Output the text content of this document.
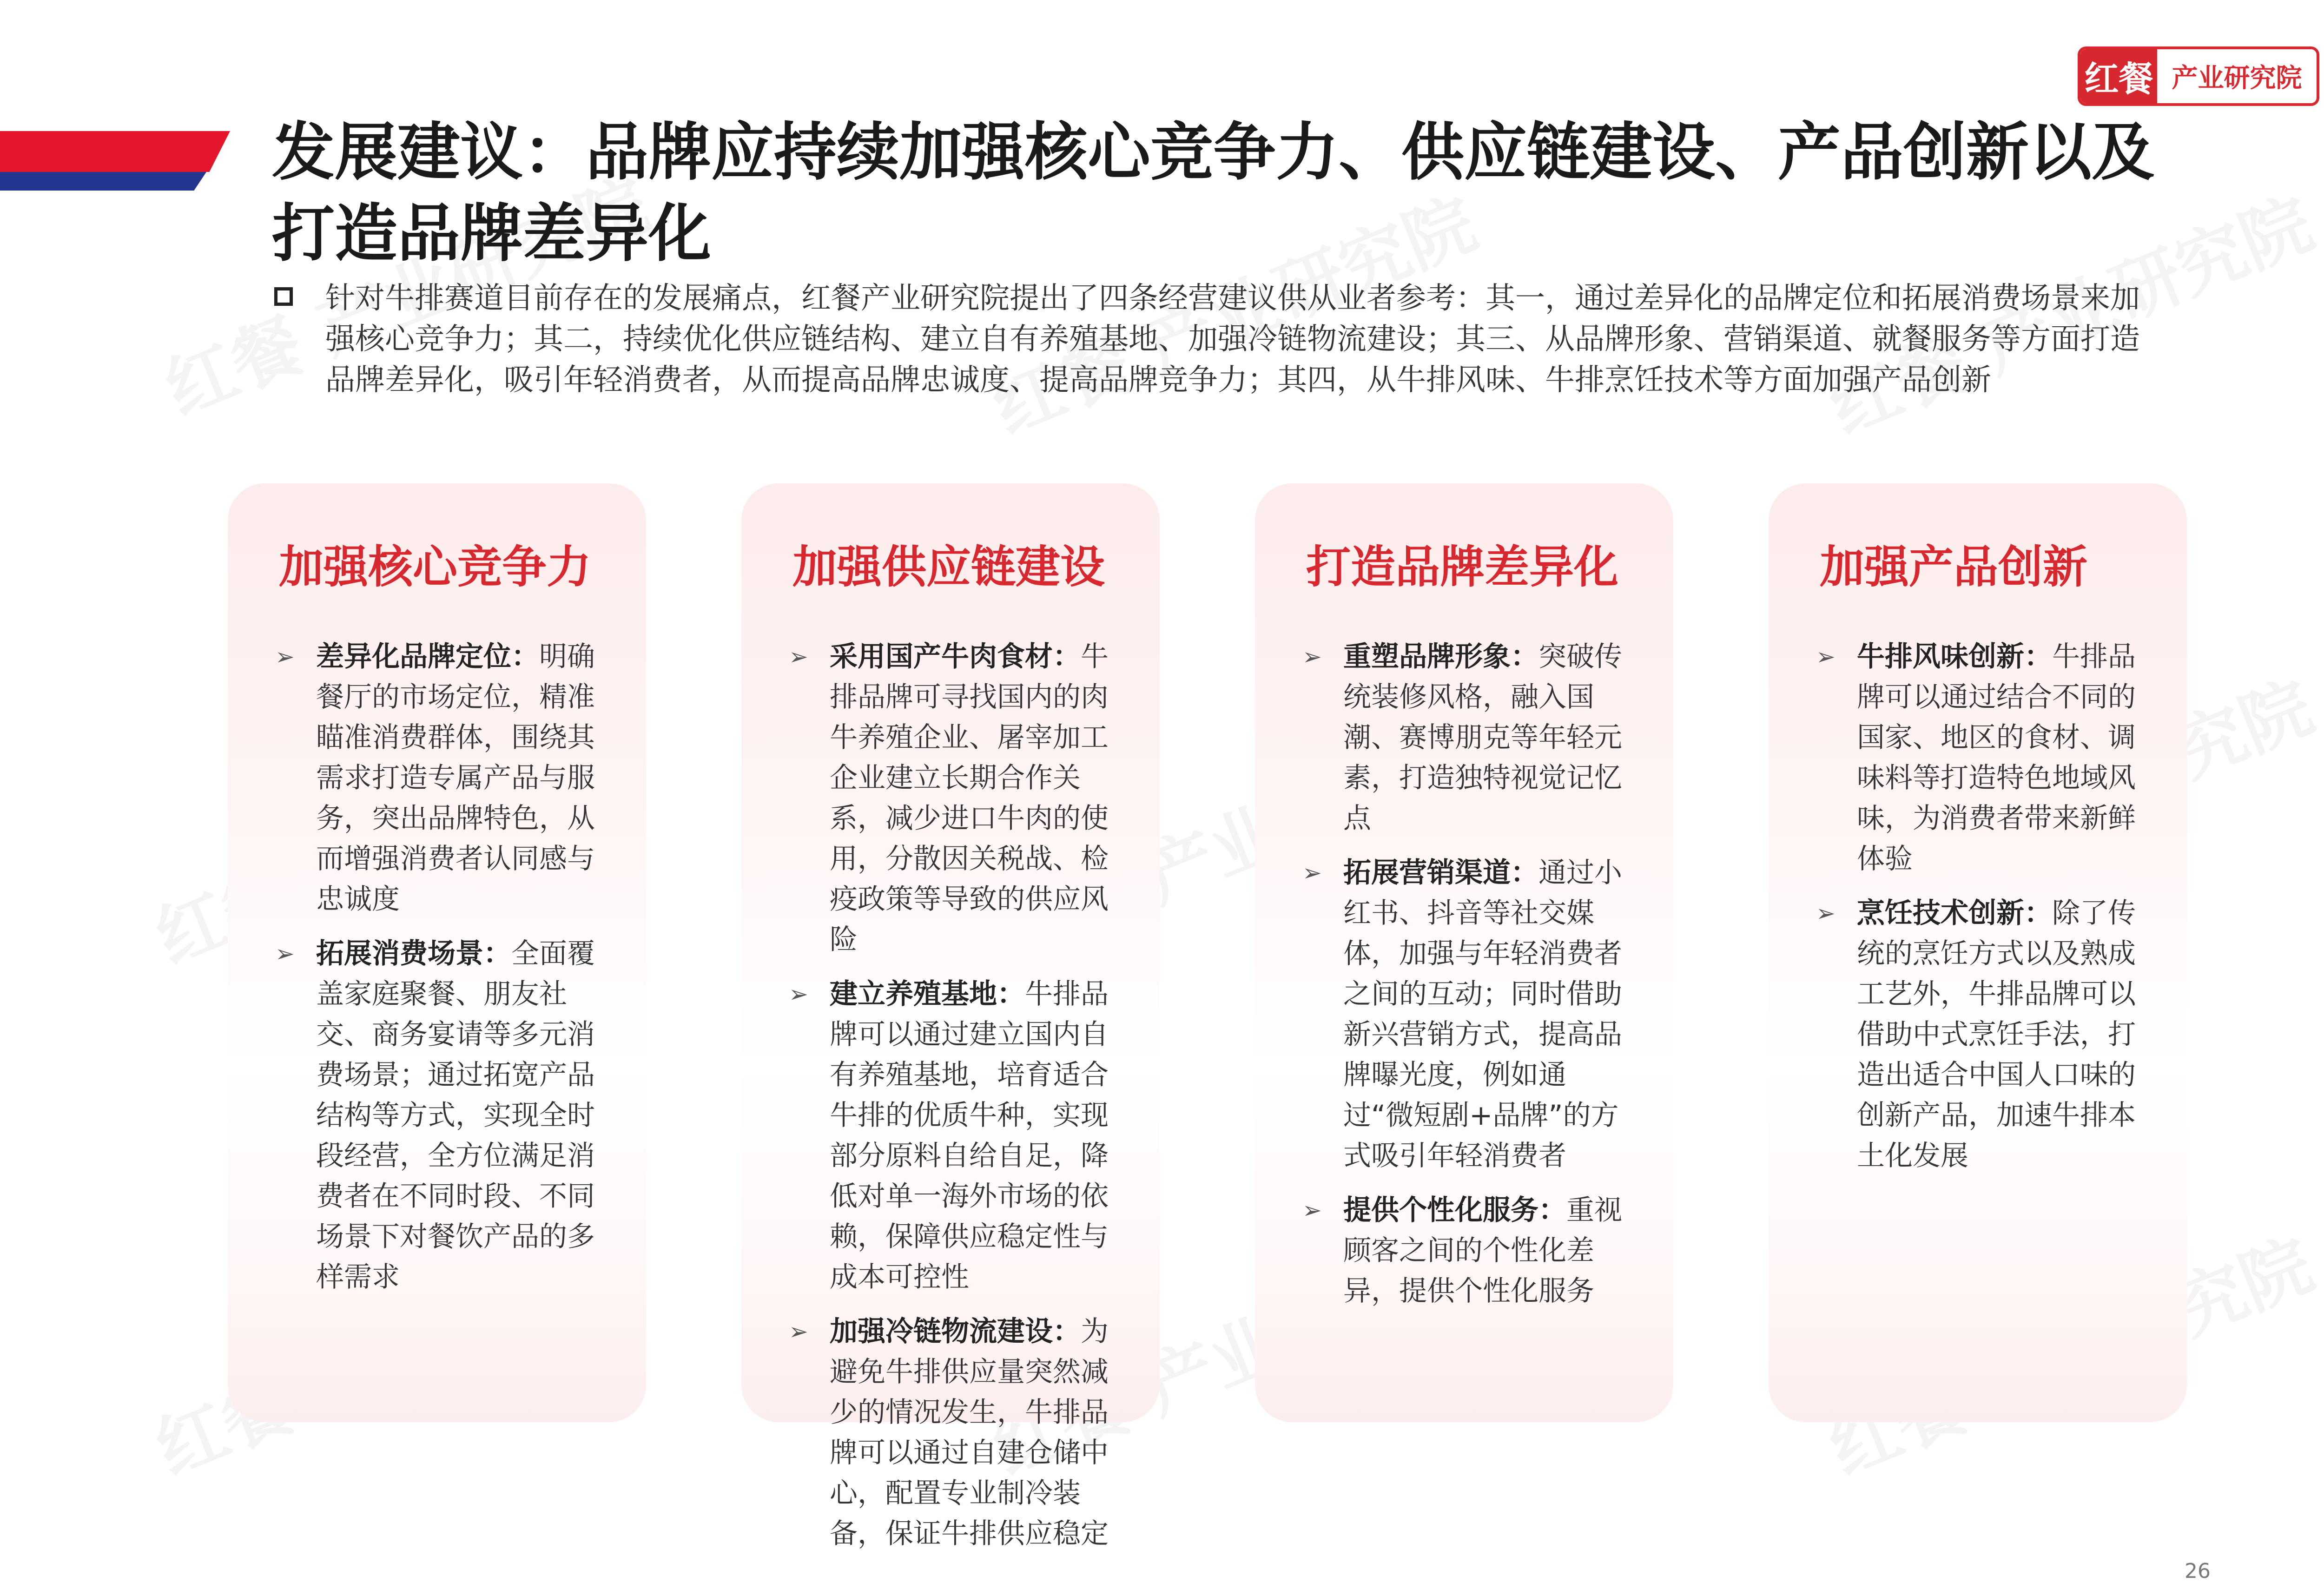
红餐 产业研究院
发展建议：品牌应持续加强核心竞争力、供应链建设、产品创新以及打造品牌差异化

针对牛排赛道目前存在的发展痛点，红餐产业研究院提出了四条经营建议供从业者参考：其一，通过差异化的品牌定位和拓展消费场景来加强核心竞争力；其二，持续优化供应链结构、建立自有养殖基地、加强冷链物流建设；其三、从品牌形象、营销渠道、就餐服务等方面打造品牌差异化，吸引年轻消费者，从而提高品牌忠诚度、提高品牌竞争力；其四，从牛排风味、牛排烹饪技术等方面加强产品创新

加强核心竞争力
➢ 差异化品牌定位：明确餐厅的市场定位，精准瞄准消费群体，围绕其需求打造专属产品与服务，突出品牌特色，从而增强消费者认同感与忠诚度
➢ 拓展消费场景：全面覆盖家庭聚餐、朋友社交、商务宴请等多元消费场景；通过拓宽产品结构等方式，实现全时段经营，全方位满足消费者在不同时段、不同场景下对餐饮产品的多样需求
加强供应链建设
➢ 采用国产牛肉食材：牛排品牌可寻找国内的肉牛养殖企业、屠宰加工企业建立长期合作关系，减少进口牛肉的使用，分散因关税战、检疫政策等导致的供应风险
➢ 建立养殖基地：牛排品牌可以通过建立国内自有养殖基地，培育适合牛排的优质牛种，实现部分原料自给自足，降低对单一海外市场的依赖，保障供应稳定性与成本可控性
➢ 加强冷链物流建设：为避免牛排供应量突然减少的情况发生，牛排品牌可以通过自建仓储中心，配置专业制冷装备，保证牛排供应稳定
打造品牌差异化
➢ 重塑品牌形象：突破传统装修风格，融入国潮、赛博朋克等年轻元素，打造独特视觉记忆点
➢ 拓展营销渠道：通过小红书、抖音等社交媒体，加强与年轻消费者之间的互动；同时借助新兴营销方式，提高品牌曝光度，例如通过“微短剧+品牌”的方式吸引年轻消费者
➢ 提供个性化服务：重视顾客之间的个性化差异，提供个性化服务
加强产品创新
➢ 牛排风味创新：牛排品牌可以通过结合不同的国家、地区的食材、调味料等打造特色地域风味，为消费者带来新鲜体验
➢ 烹饪技术创新：除了传统的烹饪方式以及熟成工艺外，牛排品牌可以借助中式烹饪手法，打造出适合中国人口味的创新产品，加速牛排本土化发展
26
